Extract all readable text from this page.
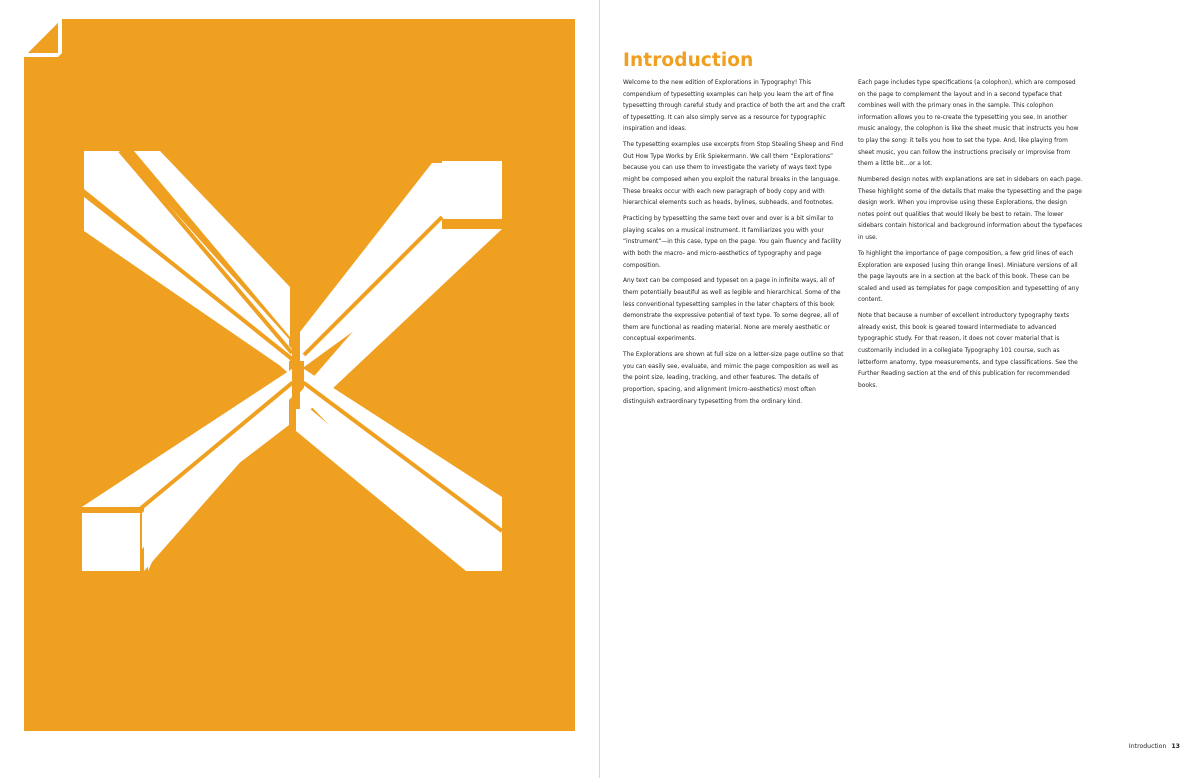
Introduction

Welcome to the new edition of Explorations in Typography! This compendium of typesetting examples can help you learn the art of fine typesetting through careful study and practice of both the art and the craft of typesetting. It can also simply serve as a resource for typographic inspiration and ideas.

The typesetting examples use excerpts from Stop Stealing Sheep and Find Out How Type Works by Erik Spiekermann. We call them “Explorations” because you can use them to investigate the variety of ways text type might be composed when you exploit the natural breaks in the language. These breaks occur with each new paragraph of body copy and with hierarchical elements such as heads, bylines, subheads, and footnotes.

Practicing by typesetting the same text over and over is a bit similar to playing scales on a musical instrument. It familiarizes you with your “instrument”—in this case, type on the page. You gain fluency and facility with both the macro- and micro-aesthetics of typography and page composition.

Any text can be composed and typeset on a page in infinite ways, all of them potentially beautiful as well as legible and hierarchical. Some of the less conventional typesetting samples in the later chapters of this book demonstrate the expressive potential of text type. To some degree, all of them are functional as reading material. None are merely aesthetic or conceptual experiments.

The Explorations are shown at full size on a letter-size page outline so that you can easily see, evaluate, and mimic the page composition as well as the point size, leading, tracking, and other features. The details of proportion, spacing, and alignment (micro-aesthetics) most often distinguish extraordinary typesetting from the ordinary kind.

Each page includes type specifications (a colophon), which are composed on the page to complement the layout and in a second typeface that combines well with the primary ones in the sample. This colophon information allows you to re-create the typesetting you see. In another music analogy, the colophon is like the sheet music that instructs you how to play the song: it tells you how to set the type. And, like playing from sheet music, you can follow the instructions precisely or improvise from them a little bit…or a lot.

Numbered design notes with explanations are set in sidebars on each page. These highlight some of the details that make the typesetting and the page design work. When you improvise using these Explorations, the design notes point out qualities that would likely be best to retain. The lower sidebars contain historical and background information about the typefaces in use.

To highlight the importance of page composition, a few grid lines of each Exploration are exposed (using thin orange lines). Miniature versions of all the page layouts are in a section at the back of this book. These can be scaled and used as templates for page composition and typesetting of any content.

Note that because a number of excellent introductory typography texts already exist, this book is geared toward intermediate to advanced typographic study. For that reason, it does not cover material that is customarily included in a collegiate Typography 101 course, such as letterform anatomy, type measurements, and type classifications. See the Further Reading section at the end of this publication for recommended books.

Introduction 13
